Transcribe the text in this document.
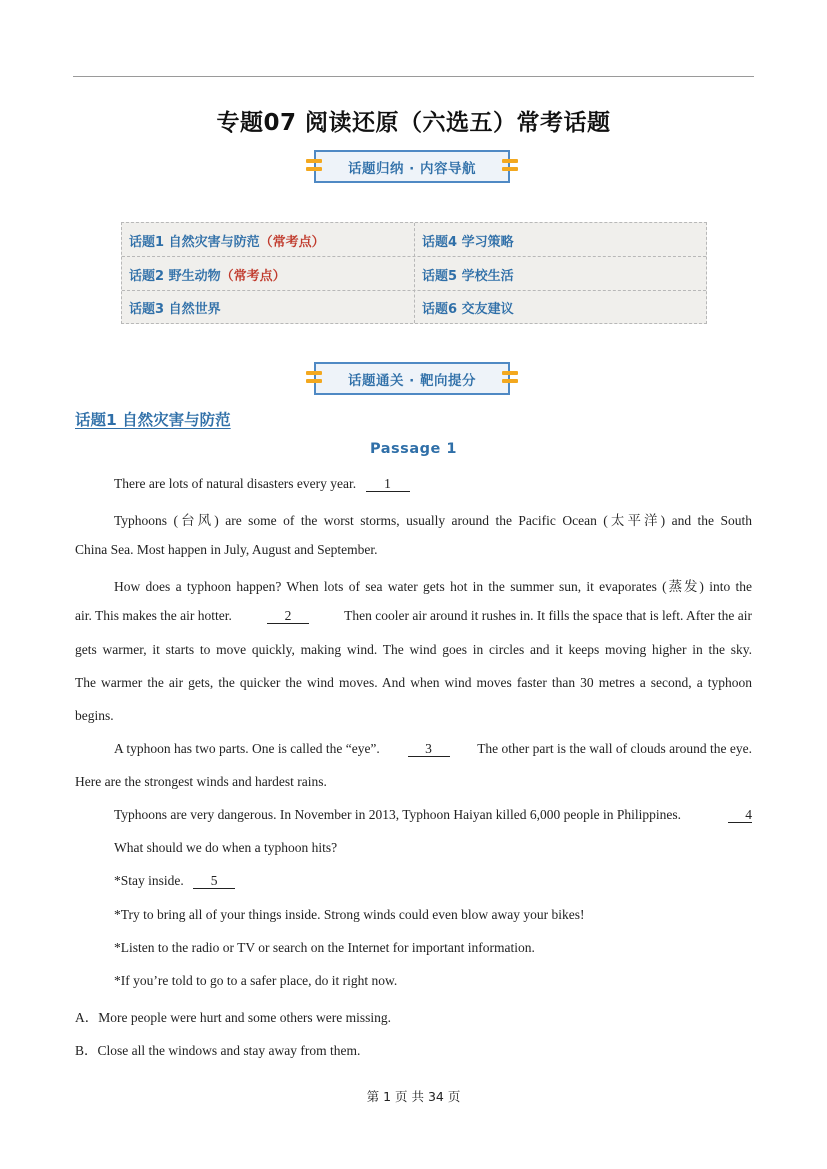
专题07 阅读还原（六选五）常考话题
话题归纳 · 内容导航
话题1 自然灾害与防范 （常考点）	话题4 学习策略
话题2 野生动物 （常考点）	话题5 学校生活
话题3 自然世界	话题6 交友建议
话题通关 · 靶向提分
话题1 自然灾害与防范
Passage 1
There are lots of natural disasters every year. 1
Typhoons (台风) are some of the worst storms, usually around the Pacific Ocean (太平洋) and the South
China Sea. Most happen in July, August and September.
How does a typhoon happen? When lots of sea water gets hot in the summer sun, it evaporates (蒸发) into the
air. This makes the air hotter.	2	Then cooler air around it rushes in. It fills the space that is left. After the air
gets warmer, it starts to move quickly, making wind. The wind goes in circles and it keeps moving higher in the sky.
The warmer the air gets, the quicker the wind moves. And when wind moves faster than 30 metres a second, a typhoon
begins.
A typhoon has two parts. One is called the “eye”.	3	The other part is the wall of clouds around the eye.
Here are the strongest winds and hardest rains.
Typhoons are very dangerous. In November in 2013, Typhoon Haiyan killed 6,000 people in Philippines.	4
What should we do when a typhoon hits?
*Stay inside. 5
*Try to bring all of your things inside. Strong winds could even blow away your bikes!
*Listen to the radio or TV or search on the Internet for important information.
*If you’re told to go to a safer place, do it right now.
A．More people were hurt and some others were missing.
B．Close all the windows and stay away from them.
第 1 页 共 34 页
